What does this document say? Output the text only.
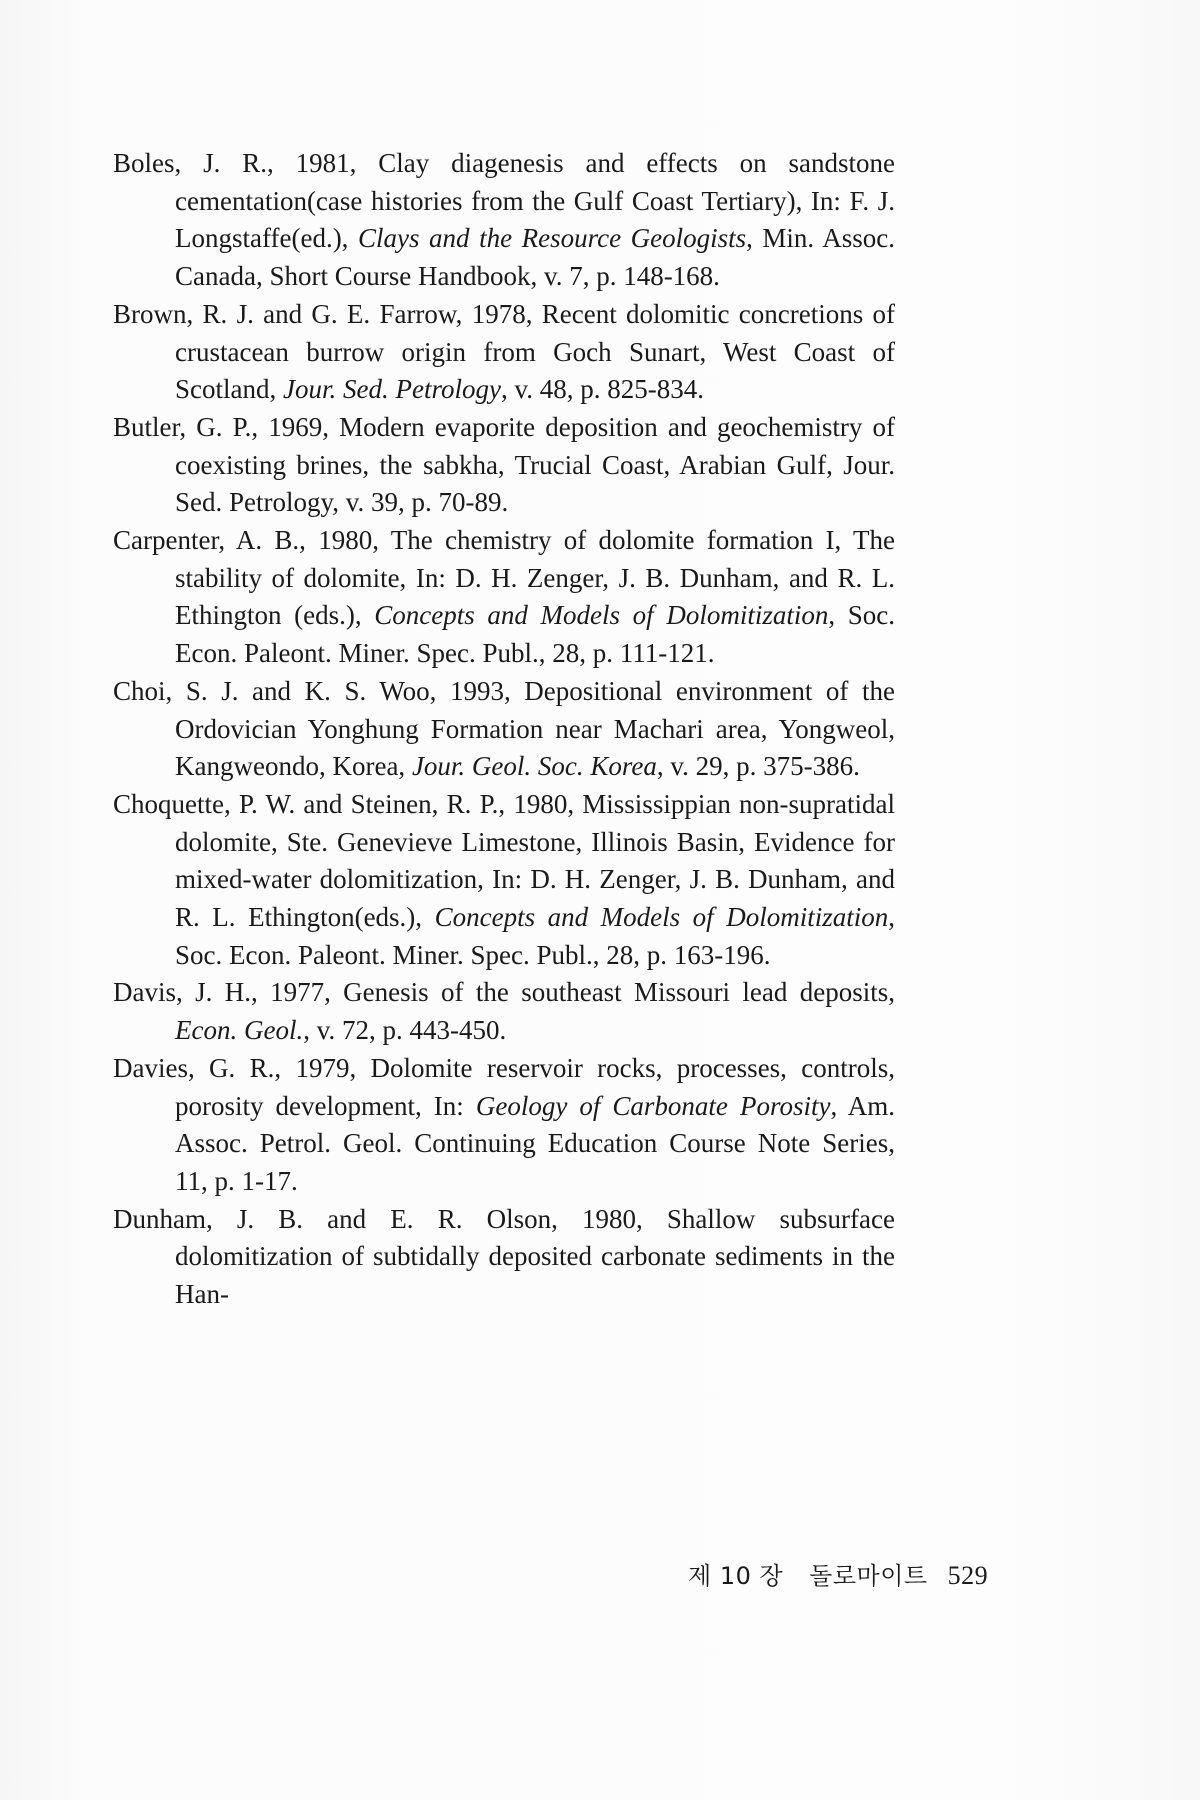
Boles, J. R., 1981, Clay diagenesis and effects on sandstone cementation(case histories from the Gulf Coast Tertiary), In: F. J. Longstaffe(ed.), Clays and the Resource Geologists, Min. Assoc. Canada, Short Course Handbook, v. 7, p. 148-168.

Brown, R. J. and G. E. Farrow, 1978, Recent dolomitic concretions of crustacean burrow origin from Goch Sunart, West Coast of Scotland, Jour. Sed. Petrology, v. 48, p. 825-834.

Butler, G. P., 1969, Modern evaporite deposition and geochemistry of coexisting brines, the sabkha, Trucial Coast, Arabian Gulf, Jour. Sed. Petrology, v. 39, p. 70-89.

Carpenter, A. B., 1980, The chemistry of dolomite formation I, The stability of dolomite, In: D. H. Zenger, J. B. Dunham, and R. L. Ethington (eds.), Concepts and Models of Dolomitization, Soc. Econ. Paleont. Miner. Spec. Publ., 28, p. 111-121.

Choi, S. J. and K. S. Woo, 1993, Depositional environment of the Ordovician Yonghung Formation near Machari area, Yongweol, Kangweondo, Korea, Jour. Geol. Soc. Korea, v. 29, p. 375-386.

Choquette, P. W. and Steinen, R. P., 1980, Mississippian non-supratidal dolomite, Ste. Genevieve Limestone, Illinois Basin, Evidence for mixed-water dolomitization, In: D. H. Zenger, J. B. Dunham, and R. L. Ethington(eds.), Concepts and Models of Dolomitization, Soc. Econ. Paleont. Miner. Spec. Publ., 28, p. 163-196.

Davis, J. H., 1977, Genesis of the southeast Missouri lead deposits, Econ. Geol., v. 72, p. 443-450.

Davies, G. R., 1979, Dolomite reservoir rocks, processes, controls, porosity development, In: Geology of Carbonate Porosity, Am. Assoc. Petrol. Geol. Continuing Education Course Note Series, 11, p. 1-17.

Dunham, J. B. and E. R. Olson, 1980, Shallow subsurface dolomitization of subtidally deposited carbonate sediments in the Han-

제 10 장 돌로마이트 529
